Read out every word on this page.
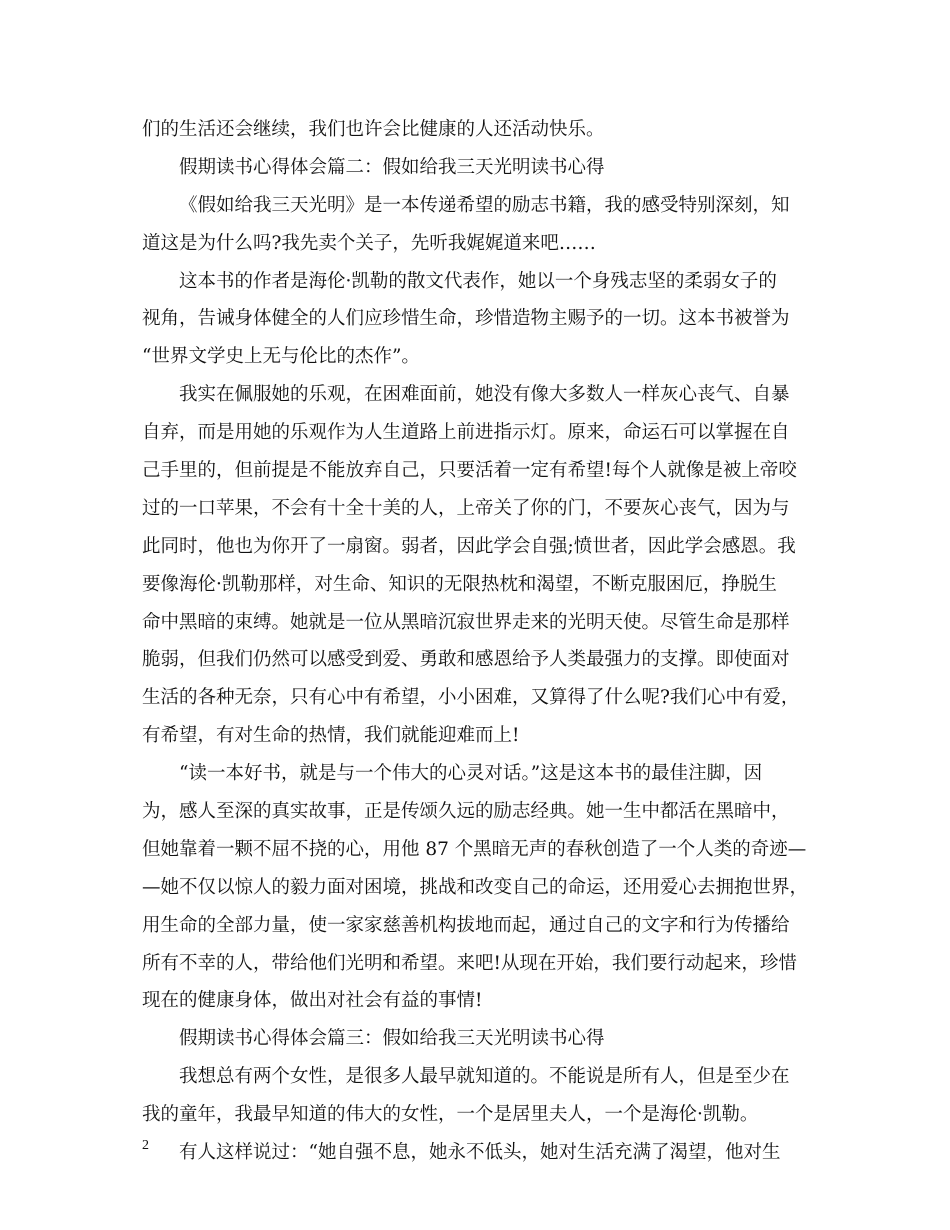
们的生活还会继续，我们也许会比健康的人还活动快乐。
假期读书心得体会篇二：假如给我三天光明读书心得
《假如给我三天光明》是一本传递希望的励志书籍，我的感受特别深刻，知
道这是为什么吗?我先卖个关子，先听我娓娓道来吧……
这本书的作者是海伦·凯勒的散文代表作，她以一个身残志坚的柔弱女子的
视角，告诫身体健全的人们应珍惜生命，珍惜造物主赐予的一切。这本书被誉为
“世界文学史上无与伦比的杰作”。
我实在佩服她的乐观，在困难面前，她没有像大多数人一样灰心丧气、自暴
自弃，而是用她的乐观作为人生道路上前进指示灯。原来，命运石可以掌握在自
己手里的，但前提是不能放弃自己，只要活着一定有希望!每个人就像是被上帝咬
过的一口苹果，不会有十全十美的人，上帝关了你的门，不要灰心丧气，因为与
此同时，他也为你开了一扇窗。弱者，因此学会自强;愤世者，因此学会感恩。我
要像海伦·凯勒那样，对生命、知识的无限热枕和渴望，不断克服困厄，挣脱生
命中黑暗的束缚。她就是一位从黑暗沉寂世界走来的光明天使。尽管生命是那样
脆弱，但我们仍然可以感受到爱、勇敢和感恩给予人类最强力的支撑。即使面对
生活的各种无奈，只有心中有希望，小小困难，又算得了什么呢?我们心中有爱，
有希望，有对生命的热情，我们就能迎难而上!
“读一本好书，就是与一个伟大的心灵对话。”这是这本书的最佳注脚，因
为，感人至深的真实故事，正是传颂久远的励志经典。她一生中都活在黑暗中，
但她靠着一颗不屈不挠的心，用他 87 个黑暗无声的春秋创造了一个人类的奇迹—
—她不仅以惊人的毅力面对困境，挑战和改变自己的命运，还用爱心去拥抱世界，
用生命的全部力量，使一家家慈善机构拔地而起，通过自己的文字和行为传播给
所有不幸的人，带给他们光明和希望。来吧!从现在开始，我们要行动起来，珍惜
现在的健康身体，做出对社会有益的事情!
假期读书心得体会篇三：假如给我三天光明读书心得
我想总有两个女性，是很多人最早就知道的。不能说是所有人，但是至少在
我的童年，我最早知道的伟大的女性，一个是居里夫人，一个是海伦·凯勒。
有人这样说过：“她自强不息，她永不低头，她对生活充满了渴望，他对生
2
